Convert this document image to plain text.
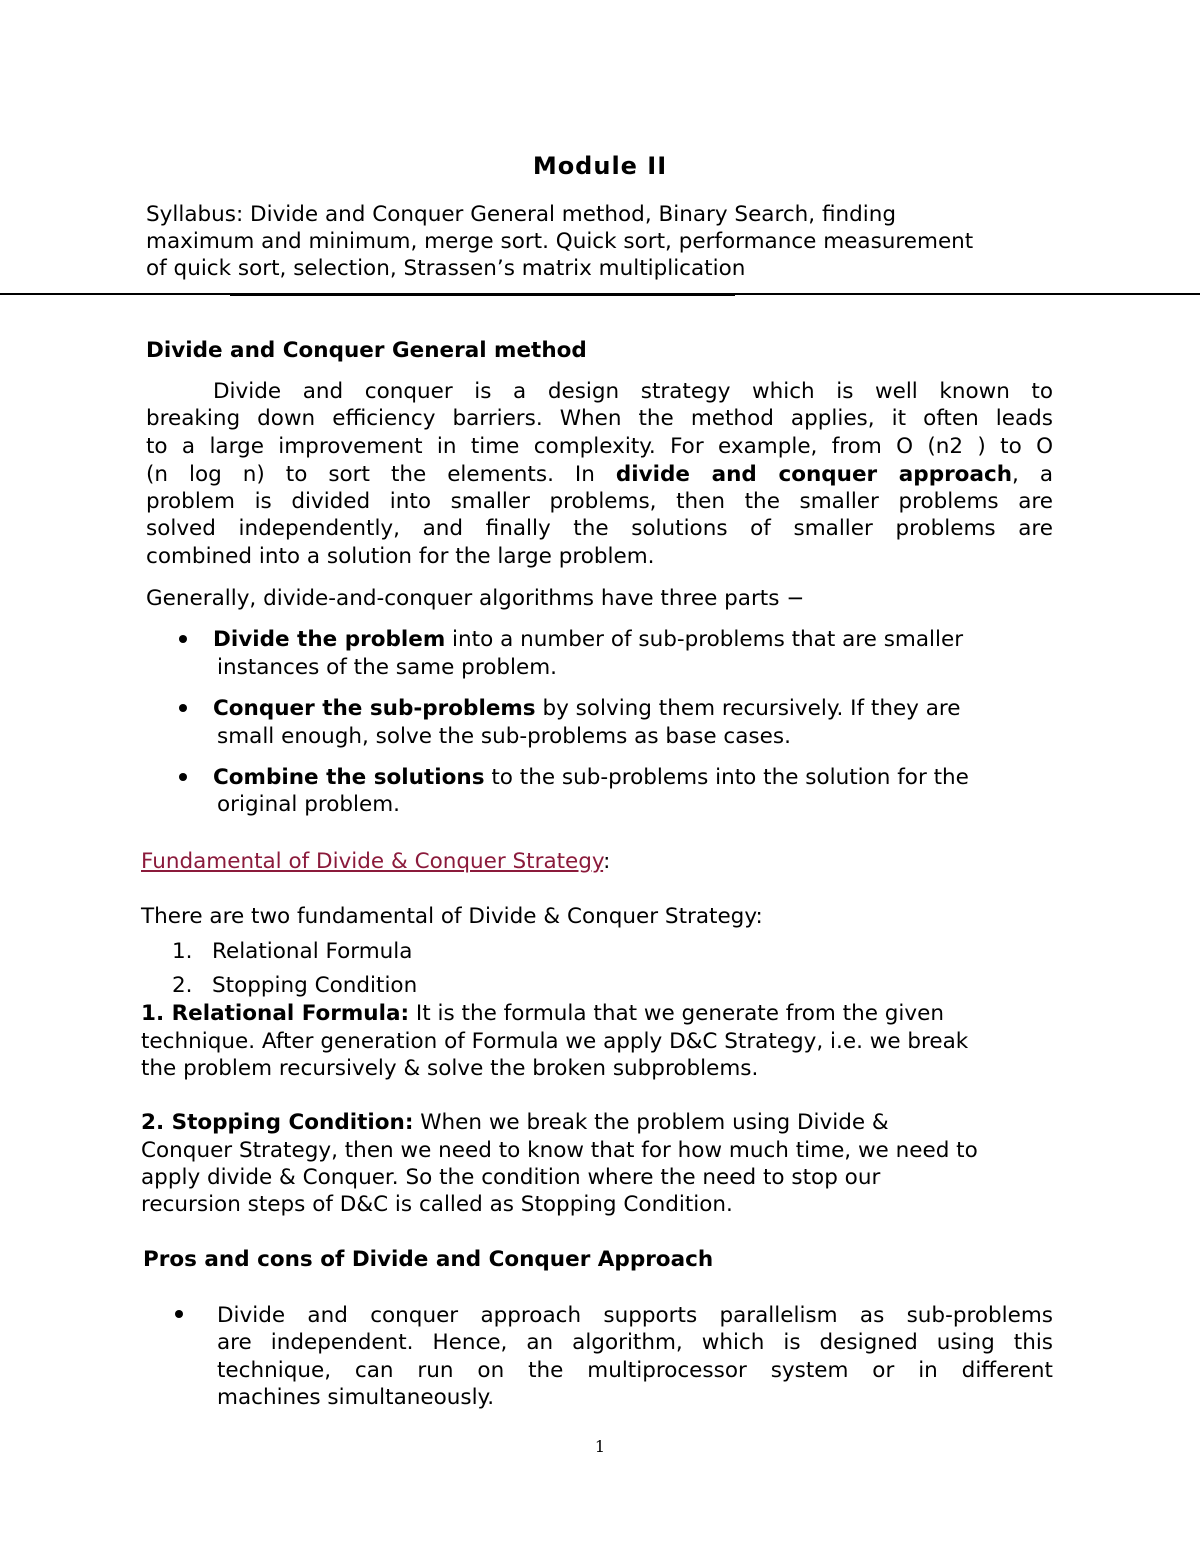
Module II

Syllabus: Divide and Conquer General method, Binary Search, finding

maximum and minimum, merge sort. Quick sort, performance measurement

of quick sort, selection, Strassen’s matrix multiplication

Divide and Conquer General method
Divide and conquer is a design strategy which is well known to
breaking down efficiency barriers. When the method applies, it often leads
to a large improvement in time complexity. For example, from O (n2 ) to O
(n log n) to sort the elements. In divide and conquer approach, a
problem is divided into smaller problems, then the smaller problems are
solved independently, and finally the solutions of smaller problems are
combined into a solution for the large problem.

Generally, divide-and-conquer algorithms have three parts −

Divide the problem into a number of sub-problems that are smaller
instances of the same problem.
Conquer the sub-problems by solving them recursively. If they are
small enough, solve the sub-problems as base cases.
Combine the solutions to the sub-problems into the solution for the
original problem.

Fundamental of Divide & Conquer Strategy:

There are two fundamental of Divide & Conquer Strategy:

1. Relational Formula
2. Stopping Condition
1. Relational Formula: It is the formula that we generate from the given
technique. After generation of Formula we apply D&C Strategy, i.e. we break
the problem recursively & solve the broken subproblems.
2. Stopping Condition: When we break the problem using Divide &
Conquer Strategy, then we need to know that for how much time, we need to
apply divide & Conquer. So the condition where the need to stop our
recursion steps of D&C is called as Stopping Condition.
Pros and cons of Divide and Conquer Approach
Divide and conquer approach supports parallelism as sub-problems
are independent. Hence, an algorithm, which is designed using this
technique, can run on the multiprocessor system or in different
machines simultaneously.

1
